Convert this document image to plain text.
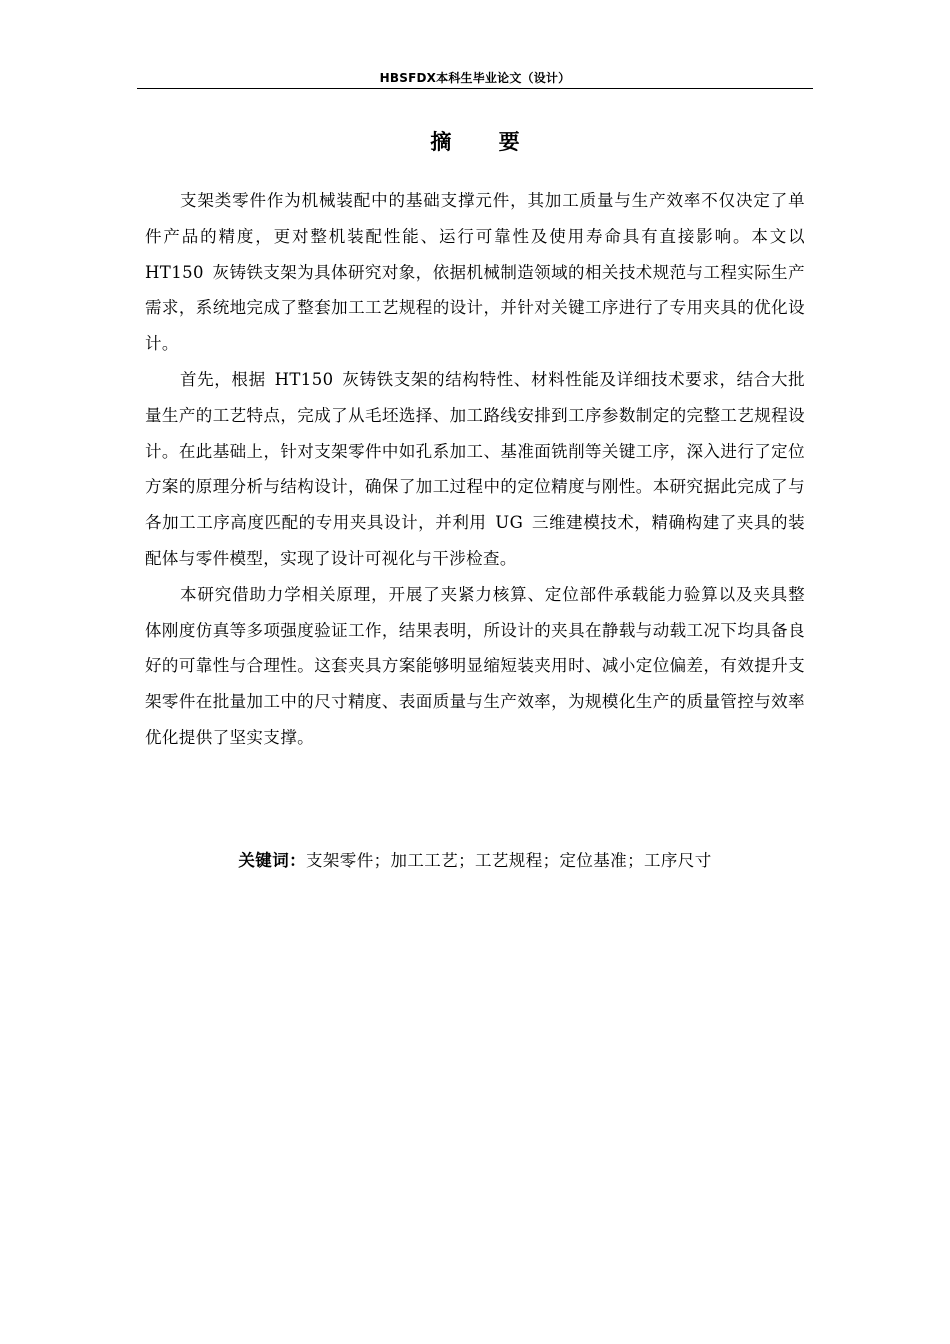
HBSFDX本科生毕业论文（设计）
摘 要

支架类零件作为机械装配中的基础支撑元件，其加工质量与生产效率不仅决定了单件产品的精度，更对整机装配性能、运行可靠性及使用寿命具有直接影响。本文以 HT150 灰铸铁支架为具体研究对象，依据机械制造领域的相关技术规范与工程实际生产需求，系统地完成了整套加工工艺规程的设计，并针对关键工序进行了专用夹具的优化设计。

首先，根据 HT150 灰铸铁支架的结构特性、材料性能及详细技术要求，结合大批量生产的工艺特点，完成了从毛坯选择、加工路线安排到工序参数制定的完整工艺规程设计。在此基础上，针对支架零件中如孔系加工、基准面铣削等关键工序，深入进行了定位方案的原理分析与结构设计，确保了加工过程中的定位精度与刚性。本研究据此完成了与各加工工序高度匹配的专用夹具设计，并利用 UG 三维建模技术，精确构建了夹具的装配体与零件模型，实现了设计可视化与干涉检查。

本研究借助力学相关原理，开展了夹紧力核算、定位部件承载能力验算以及夹具整体刚度仿真等多项强度验证工作，结果表明，所设计的夹具在静载与动载工况下均具备良好的可靠性与合理性。这套夹具方案能够明显缩短装夹用时、减小定位偏差，有效提升支架零件在批量加工中的尺寸精度、表面质量与生产效率，为规模化生产的质量管控与效率优化提供了坚实支撑。

关键词：支架零件；加工工艺；工艺规程；定位基准；工序尺寸
